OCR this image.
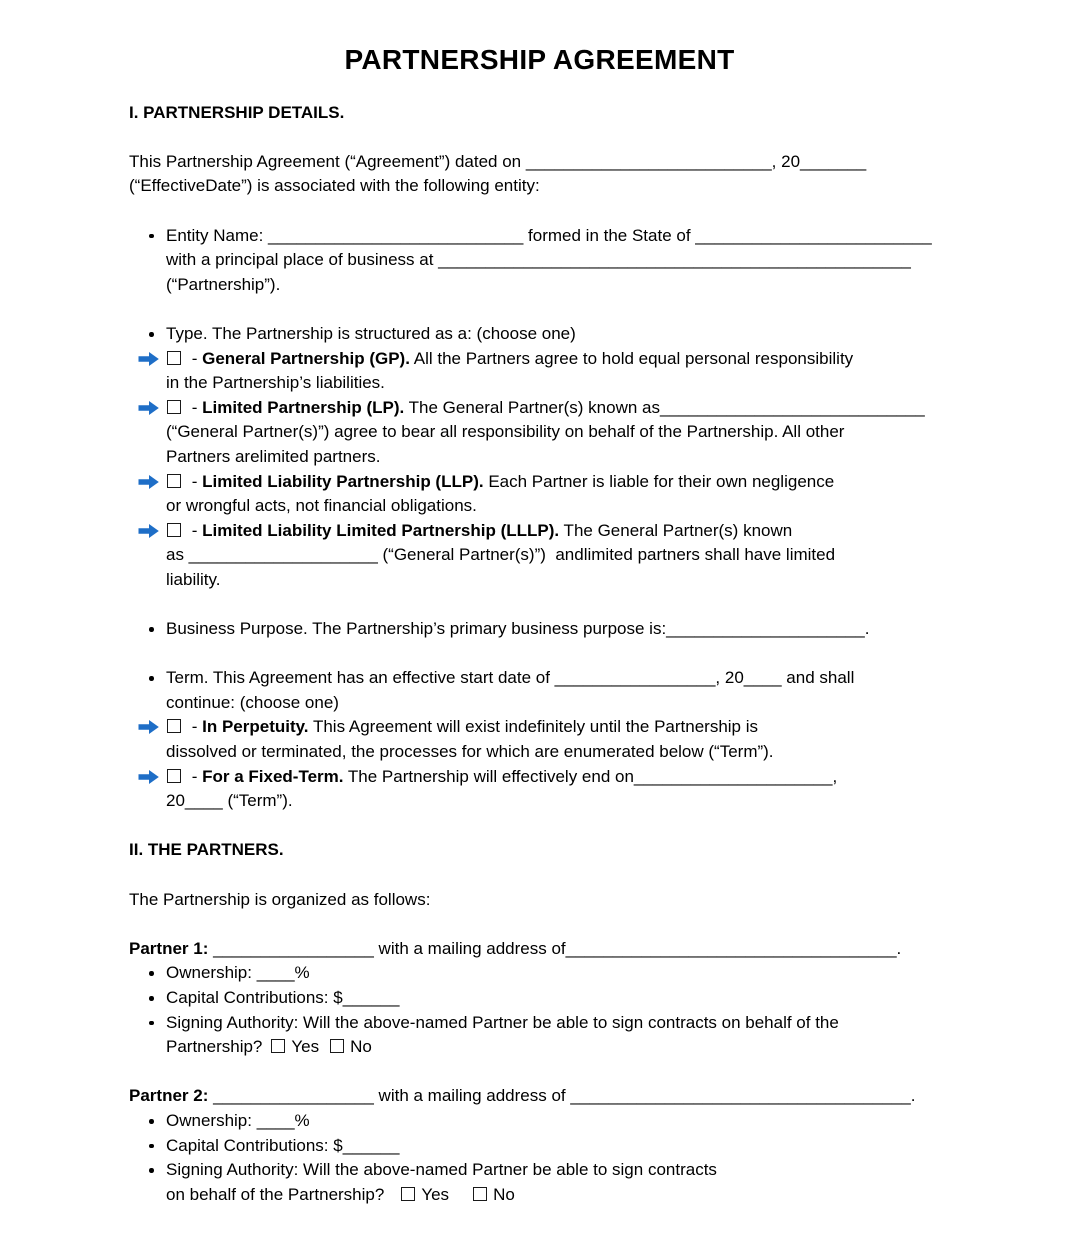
PARTNERSHIP AGREEMENT
I. PARTNERSHIP DETAILS.
This Partnership Agreement (“Agreement”) dated on __________________________, 20_______
(“EffectiveDate”) is associated with the following entity:
Entity Name: ___________________________ formed in the State of _________________________
with a principal place of business at __________________________________________________
(“Partnership”).
Type. The Partnership is structured as a: (choose one)
- General Partnership (GP). All the Partners agree to hold equal personal responsibility
in the Partnership’s liabilities.
- Limited Partnership (LP). The General Partner(s) known as____________________________
(“General Partner(s)”) agree to bear all responsibility on behalf of the Partnership. All other
Partners arelimited partners.
- Limited Liability Partnership (LLP). Each Partner is liable for their own negligence
or wrongful acts, not financial obligations.
- Limited Liability Limited Partnership (LLLP). The General Partner(s) known
as ____________________ (“General Partner(s)”)  andlimited partners shall have limited
liability.
Business Purpose. The Partnership’s primary business purpose is:_____________________.
Term. This Agreement has an effective start date of _________________, 20____ and shall
continue: (choose one)
- In Perpetuity. This Agreement will exist indefinitely until the Partnership is
dissolved or terminated, the processes for which are enumerated below (“Term”).
- For a Fixed-Term. The Partnership will effectively end on_____________________,
20____ (“Term”).
II. THE PARTNERS.
The Partnership is organized as follows:
Partner 1: _________________ with a mailing address of___________________________________.
Ownership: ____%
Capital Contributions: $______
Signing Authority: Will the above-named Partner be able to sign contracts on behalf of the
Partnership? Yes No
Partner 2: _________________ with a mailing address of ____________________________________.
Ownership: ____%
Capital Contributions: $______
Signing Authority: Will the above-named Partner be able to sign contracts
on behalf of the Partnership? Yes	No
